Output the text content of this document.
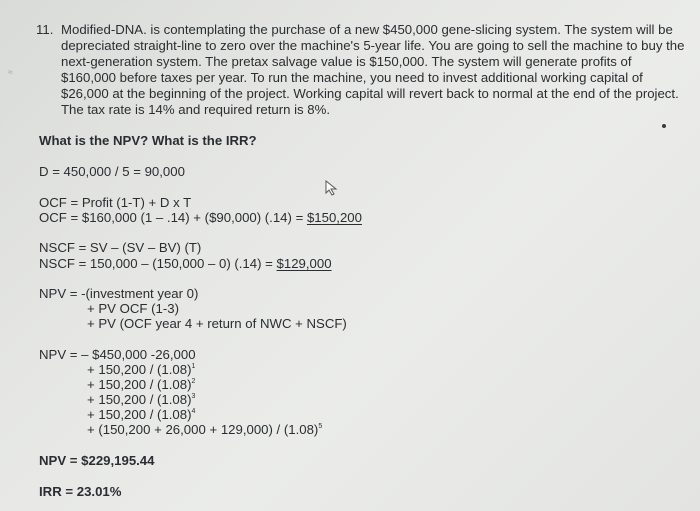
≈
11. Modified-DNA. is contemplating the purchase of a new $450,000 gene-slicing system. The system will be depreciated straight-line to zero over the machine's 5-year life. You are going to sell the machine to buy the next-generation system. The pretax salvage value is $150,000. The system will generate profits of $160,000 before taxes per year. To run the machine, you need to invest additional working capital of $26,000 at the beginning of the project. Working capital will revert back to normal at the end of the project. The tax rate is 14% and required return is 8%.
What is the NPV? What is the IRR?
D = 450,000 / 5 = 90,000
OCF = Profit (1-T) + D x T
OCF = $160,000 (1 – .14) + ($90,000) (.14) = $150,200
NSCF = SV – (SV – BV) (T)
NSCF = 150,000 – (150,000 – 0) (.14) = $129,000
NPV = -(investment year 0)
+ PV OCF (1-3)
+ PV (OCF year 4 + return of NWC + NSCF)
NPV = – $450,000 -26,000
+ $150,200 / (1.08)^1$
+ $150,200 / (1.08)^2$
+ $150,200 / (1.08)^3$
+ $150,200 / (1.08)^4$
+ $(150,200 + 26,000 + 129,000) / (1.08)^5$
NPV = $229,195.44
IRR = 23.01%
